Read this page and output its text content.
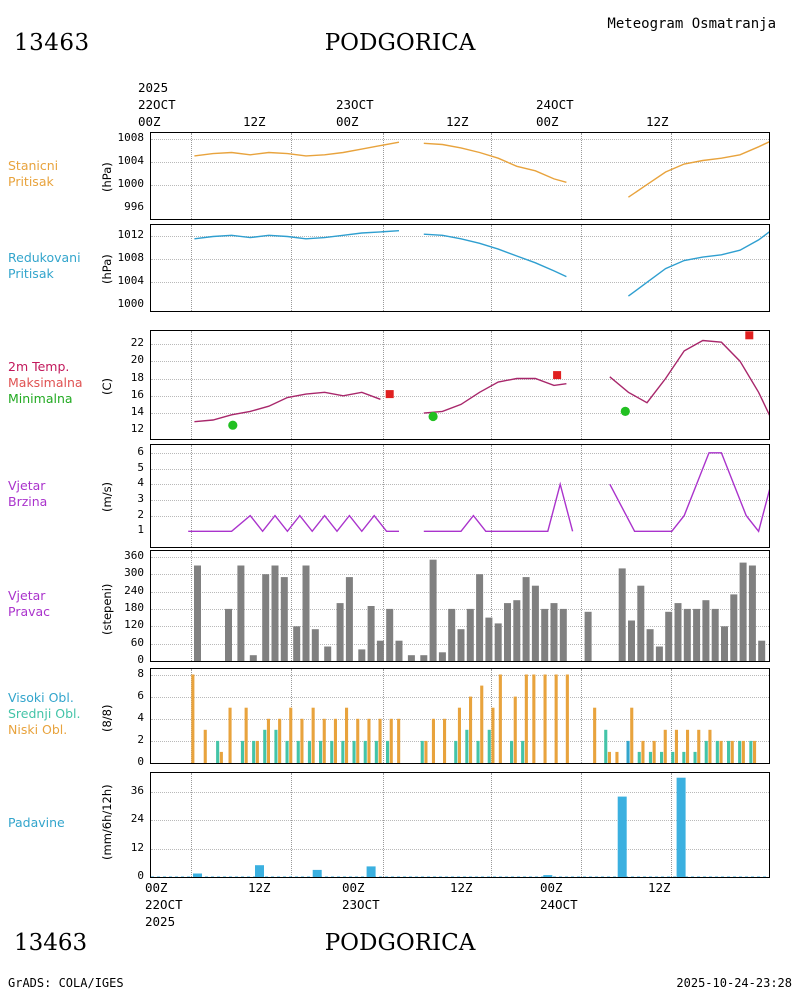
13463	PODGORICA
Meteogram Osmatranja
13463	PODGORICA
GrADS: COLA/IGES	2025-10-24-23:28
2025
22OCT
00Z	12Z
23OCT
00Z	12Z
24OCT
00Z	12Z
00Z
22OCT
2025
12Z	00Z
23OCT
12Z	00Z
24OCT
12Z
996
1000
1004
1008
Stanicni
Pritisak	(hPa)
1000
1004
1008
1012
Redukovani
Pritisak	(hPa)
12
14
16
18
20
22
2m Temp.
Maksimalna
Minimalna
(C)
1
2
3
4
5
6
Vjetar
Brzina	(m/s)
0
60
120
180
240
300
360
Vjetar
Pravac	(stepeni)
0
2
4
6
8
Visoki Obl.
Srednji Obl.
Niski Obl.	(8/8)
0
12
24
36
Padavine	(mm/6h/12h)
